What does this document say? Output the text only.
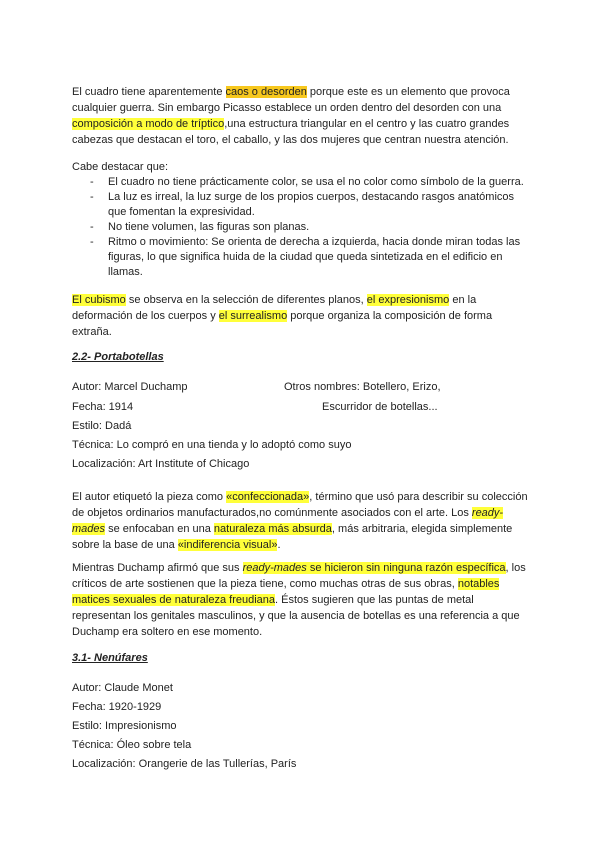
El cuadro tiene aparentemente caos o desorden porque este es un elemento que provoca cualquier guerra. Sin embargo Picasso establece un orden dentro del desorden con una composición a modo de tríptico,una estructura triangular en el centro y las cuatro grandes cabezas que destacan el toro, el caballo, y las dos mujeres que centran nuestra atención.

Cabe destacar que:

- El cuadro no tiene prácticamente color, se usa el no color como símbolo de la guerra.
- La luz es irreal, la luz surge de los propios cuerpos, destacando rasgos anatómicos que fomentan la expresividad.
- No tiene volumen, las figuras son planas.
- Ritmo o movimiento: Se orienta de derecha a izquierda, hacia donde miran todas las figuras, lo que significa huida de la ciudad que queda sintetizada en el edificio en llamas.

El cubismo se observa en la selección de diferentes planos, el expresionismo en la deformación de los cuerpos y el surrealismo porque organiza la composición de forma extraña.

2.2- Portabotellas
Autor: Marcel Duchamp	Otros nombres: Botellero, Erizo,
Fecha: 1914	Escurridor de botellas...
Estilo: Dadá
Técnica: Lo compró en una tienda y lo adoptó como suyo
Localización: Art Institute of Chicago

El autor etiquetó la pieza como «confeccionada», término que usó para describir su colección de objetos ordinarios manufacturados,no comúnmente asociados con el arte. Los ready-mades se enfocaban en una naturaleza más absurda, más arbitraria, elegida simplemente sobre la base de una «indiferencia visual».

Mientras Duchamp afirmó que sus ready-mades se hicieron sin ninguna razón específica, los críticos de arte sostienen que la pieza tiene, como muchas otras de sus obras, notables matices sexuales de naturaleza freudiana. Éstos sugieren que las puntas de metal representan los genitales masculinos, y que la ausencia de botellas es una referencia a que Duchamp era soltero en ese momento.

3.1- Nenúfares
Autor: Claude Monet
Fecha: 1920-1929
Estilo: Impresionismo
Técnica: Óleo sobre tela
Localización: Orangerie de las Tullerías, París
